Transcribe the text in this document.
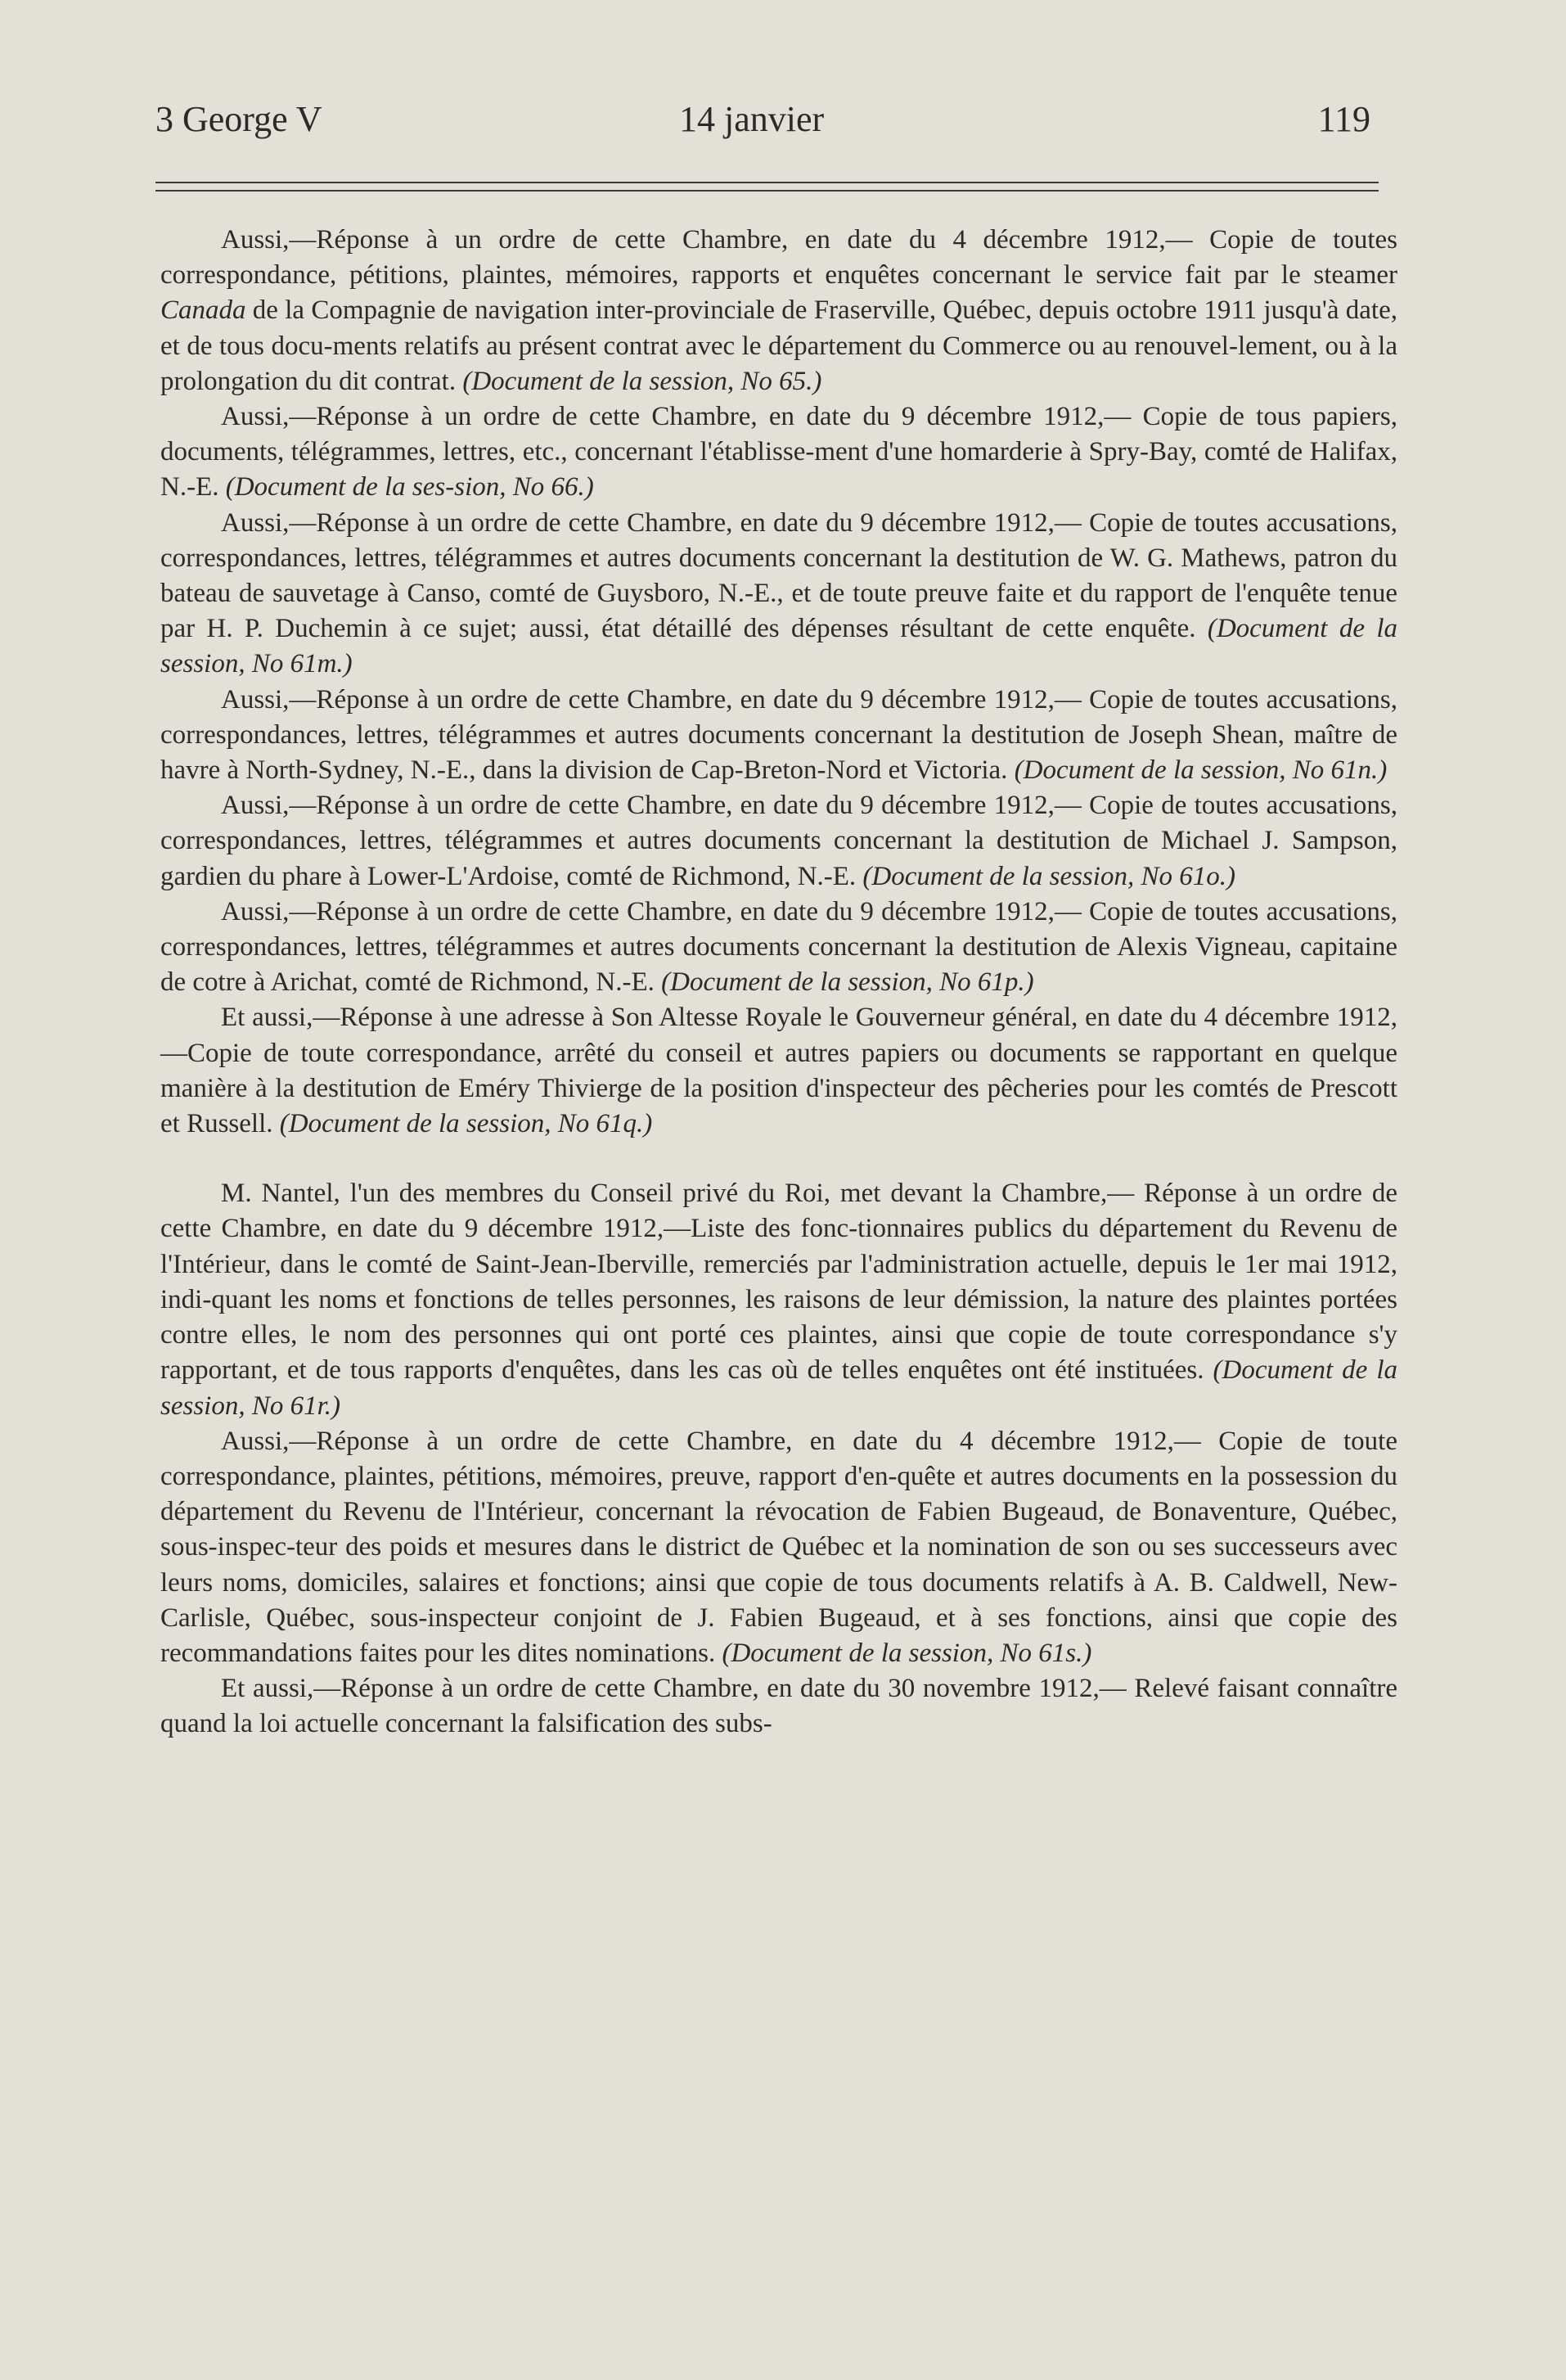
3 George V	14 janvier	119

Aussi,—Réponse à un ordre de cette Chambre, en date du 4 décembre 1912,— Copie de toutes correspondance, pétitions, plaintes, mémoires, rapports et enquêtes concernant le service fait par le steamer Canada de la Compagnie de navigation inter-provinciale de Fraserville, Québec, depuis octobre 1911 jusqu'à date, et de tous docu-ments relatifs au présent contrat avec le département du Commerce ou au renouvel-lement, ou à la prolongation du dit contrat. (Document de la session, No 65.)

Aussi,—Réponse à un ordre de cette Chambre, en date du 9 décembre 1912,— Copie de tous papiers, documents, télégrammes, lettres, etc., concernant l'établisse-ment d'une homarderie à Spry-Bay, comté de Halifax, N.-E. (Document de la ses-sion, No 66.)

Aussi,—Réponse à un ordre de cette Chambre, en date du 9 décembre 1912,— Copie de toutes accusations, correspondances, lettres, télégrammes et autres documents concernant la destitution de W. G. Mathews, patron du bateau de sauvetage à Canso, comté de Guysboro, N.-E., et de toute preuve faite et du rapport de l'enquête tenue par H. P. Duchemin à ce sujet; aussi, état détaillé des dépenses résultant de cette enquête. (Document de la session, No 61m.)

Aussi,—Réponse à un ordre de cette Chambre, en date du 9 décembre 1912,— Copie de toutes accusations, correspondances, lettres, télégrammes et autres documents concernant la destitution de Joseph Shean, maître de havre à North-Sydney, N.-E., dans la division de Cap-Breton-Nord et Victoria. (Document de la session, No 61n.)

Aussi,—Réponse à un ordre de cette Chambre, en date du 9 décembre 1912,— Copie de toutes accusations, correspondances, lettres, télégrammes et autres documents concernant la destitution de Michael J. Sampson, gardien du phare à Lower-L'Ardoise, comté de Richmond, N.-E. (Document de la session, No 61o.)

Aussi,—Réponse à un ordre de cette Chambre, en date du 9 décembre 1912,— Copie de toutes accusations, correspondances, lettres, télégrammes et autres documents concernant la destitution de Alexis Vigneau, capitaine de cotre à Arichat, comté de Richmond, N.-E. (Document de la session, No 61p.)

Et aussi,—Réponse à une adresse à Son Altesse Royale le Gouverneur général, en date du 4 décembre 1912,—Copie de toute correspondance, arrêté du conseil et autres papiers ou documents se rapportant en quelque manière à la destitution de Eméry Thivierge de la position d'inspecteur des pêcheries pour les comtés de Prescott et Russell. (Document de la session, No 61q.)

M. Nantel, l'un des membres du Conseil privé du Roi, met devant la Chambre,— Réponse à un ordre de cette Chambre, en date du 9 décembre 1912,—Liste des fonc-tionnaires publics du département du Revenu de l'Intérieur, dans le comté de Saint-Jean-Iberville, remerciés par l'administration actuelle, depuis le 1er mai 1912, indi-quant les noms et fonctions de telles personnes, les raisons de leur démission, la nature des plaintes portées contre elles, le nom des personnes qui ont porté ces plaintes, ainsi que copie de toute correspondance s'y rapportant, et de tous rapports d'enquêtes, dans les cas où de telles enquêtes ont été instituées. (Document de la session, No 61r.)

Aussi,—Réponse à un ordre de cette Chambre, en date du 4 décembre 1912,— Copie de toute correspondance, plaintes, pétitions, mémoires, preuve, rapport d'en-quête et autres documents en la possession du département du Revenu de l'Intérieur, concernant la révocation de Fabien Bugeaud, de Bonaventure, Québec, sous-inspec-teur des poids et mesures dans le district de Québec et la nomination de son ou ses successeurs avec leurs noms, domiciles, salaires et fonctions; ainsi que copie de tous documents relatifs à A. B. Caldwell, New-Carlisle, Québec, sous-inspecteur conjoint de J. Fabien Bugeaud, et à ses fonctions, ainsi que copie des recommandations faites pour les dites nominations. (Document de la session, No 61s.)

Et aussi,—Réponse à un ordre de cette Chambre, en date du 30 novembre 1912,— Relevé faisant connaître quand la loi actuelle concernant la falsification des subs-
